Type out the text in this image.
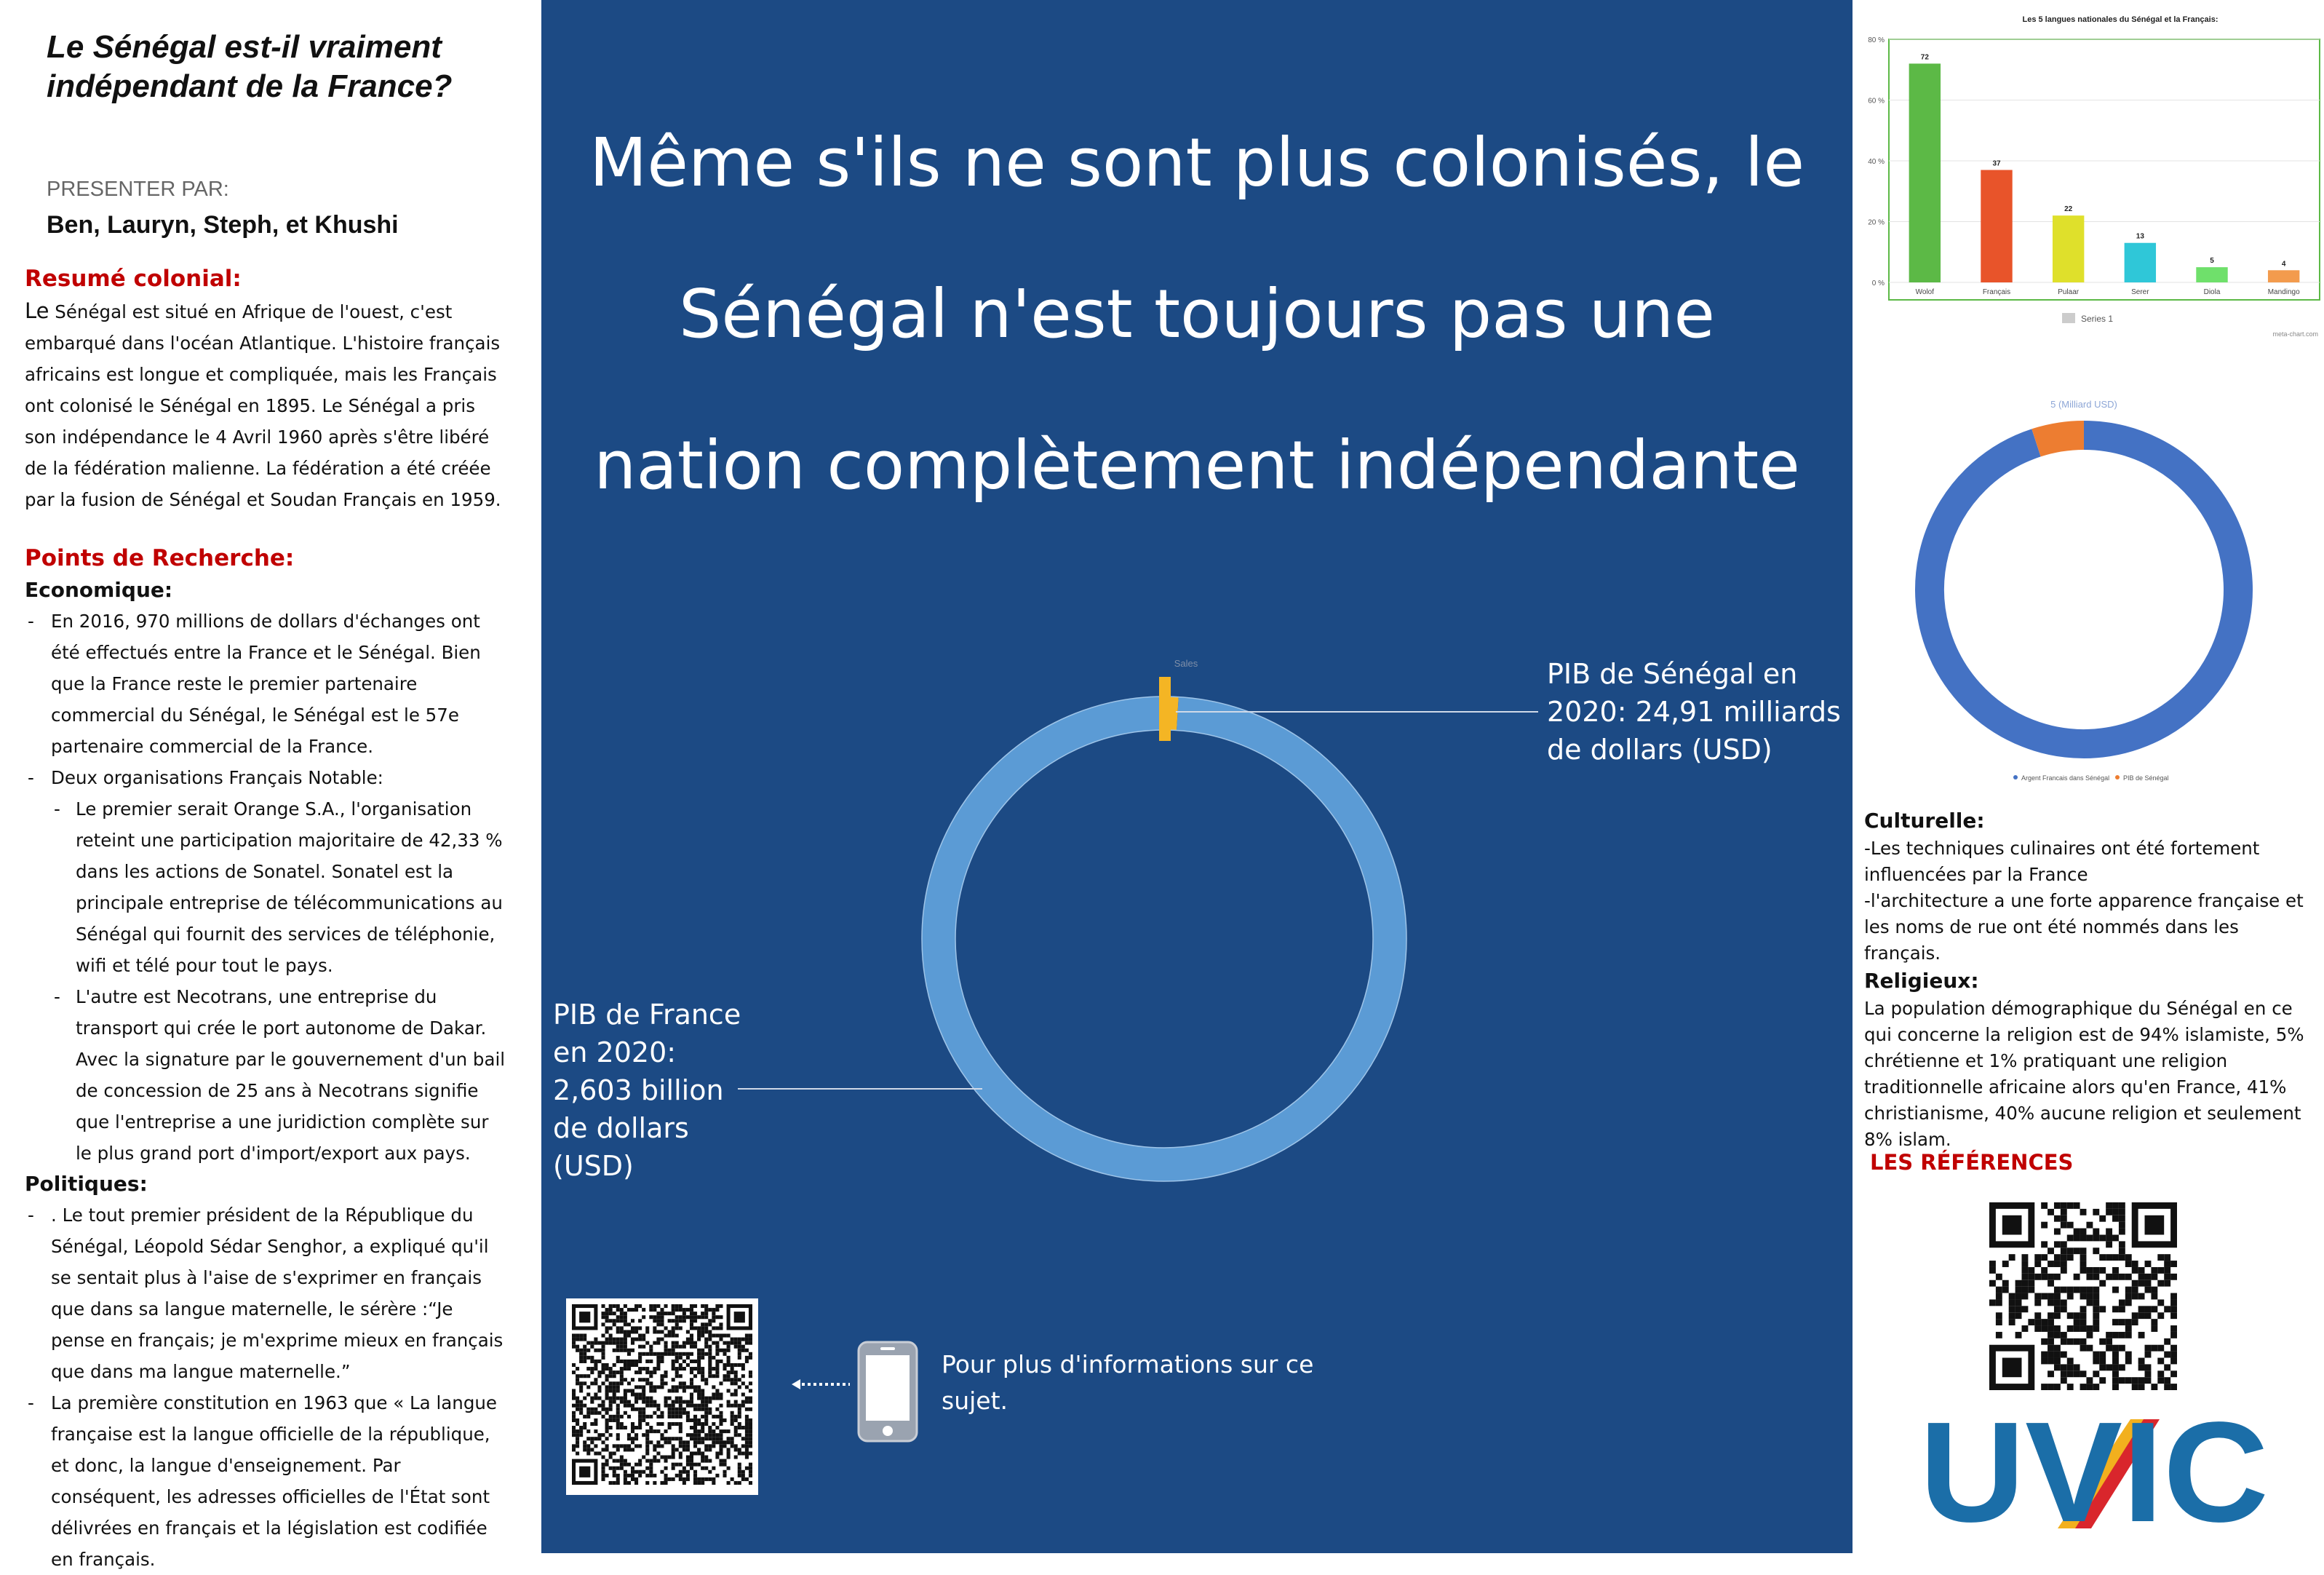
Le Sénégal est-il vraiment indépendant de la France?

PRESENTER PAR:

Ben, Lauryn, Steph, et Khushi

Resumé colonial:

Le Sénégal est situé en Afrique de l'ouest, c'est embarqué dans l'océan Atlantique. L'histoire français africains est longue et compliquée, mais les Français ont colonisé le Sénégal en 1895. Le Sénégal a pris son indépendance le 4 Avril 1960 après s'être libéré de la fédération malienne. La fédération a été créée par la fusion de Sénégal et Soudan Français en 1959.

Points de Recherche:

Economique:

- En 2016, 970 millions de dollars d'échanges ont été effectués entre la France et le Sénégal. Bien que la France reste le premier partenaire commercial du Sénégal, le Sénégal est le 57e partenaire commercial de la France.
- Deux organisations Français Notable:
- Le premier serait Orange S.A., l'organisation reteint une participation majoritaire de 42,33 % dans les actions de Sonatel. Sonatel est la principale entreprise de télécommunications au Sénégal qui fournit des services de téléphonie, wifi et télé pour tout le pays.
- L'autre est Necotrans, une entreprise du transport qui crée le port autonome de Dakar. Avec la signature par le gouvernement d'un bail de concession de 25 ans à Necotrans signifie que l'entreprise a une juridiction complète sur le plus grand port d'import/export aux pays.

Politiques:

- . Le tout premier président de la République du Sénégal, Léopold Sédar Senghor, a expliqué qu'il se sentait plus à l'aise de s'exprimer en français que dans sa langue maternelle, le sérère :“Je pense en français; je m'exprime mieux en français que dans ma langue maternelle.”
- La première constitution en 1963 que « La langue française est la langue officielle de la république, et donc, la langue d'enseignement. Par conséquent, les adresses officielles de l'État sont délivrées en français et la législation est codifiée en français.
Même s'ils ne sont plus colonisés, le
Sénégal n'est toujours pas une
nation complètement indépendante
Sales	PIB de Sénégal en 2020: 24,91 milliards de dollars (USD)

PIB de France en 2020: 2,603 billion de dollars (USD)

Pour plus d'informations sur ce sujet.

Les 5 langues nationales du Sénégal et la Français:
0 %
20 %
40 %
60 %
80 %
72
Wolof
37
Français
22
Pulaar
13
Serer
5
Diola
4
Mandingo
Series 1
meta-chart.com
5 (Milliard USD)
Argent Francais dans Sénégal PIB de Sénégal

Culturelle:

-Les techniques culinaires ont été fortement influencées par la France

-l'architecture a une forte apparence française et les noms de rue ont été nommés dans les français.

Religieux:

La population démographique du Sénégal en ce qui concerne la religion est de 94% islamiste, 5% chrétienne et 1% pratiquant une religion traditionnelle africaine alors qu'en France, 41% christianisme, 40% aucune religion et seulement 8% islam.

LES RÉFÉRENCES

UVIC
